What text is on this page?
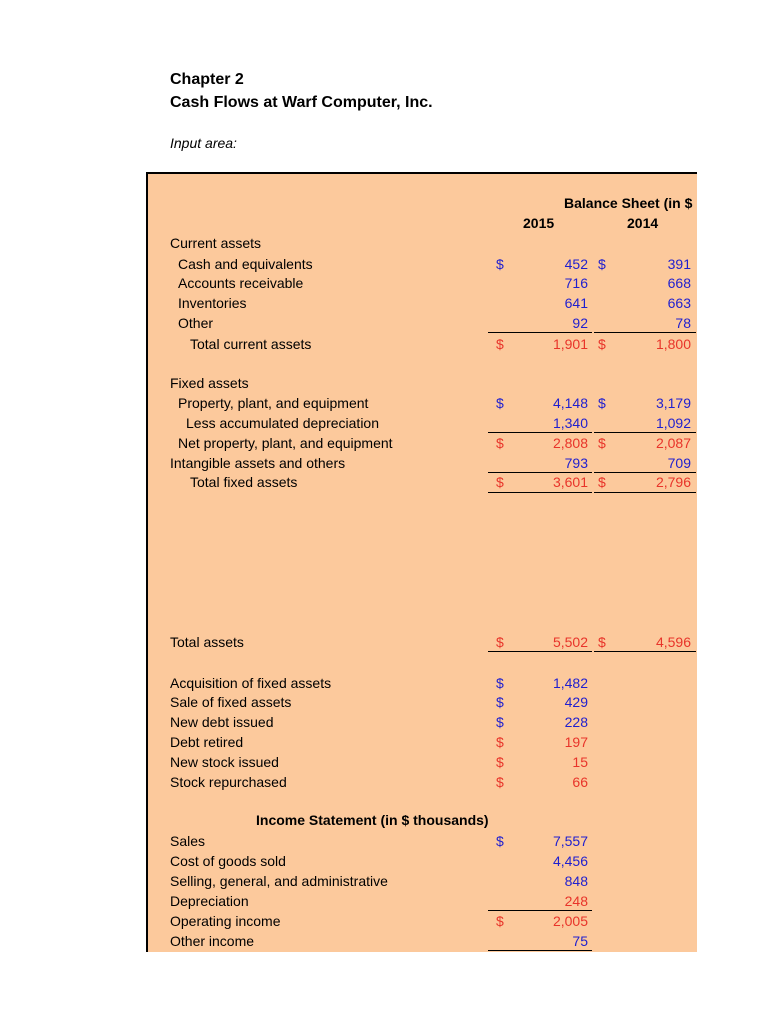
Chapter 2
Cash Flows at Warf Computer, Inc.
Input area:
Balance Sheet (in $
2015	2014
Current assets
Cash and equivalents	$	452 $	391
Accounts receivable	716	668
Inventories	641	663
Other	92	78
Total current assets	$	1,901 $	1,800
Fixed assets
Property, plant, and equipment	$	4,148 $	3,179
Less accumulated depreciation	1,340	1,092
Net property, plant, and equipment	$	2,808 $	2,087
Intangible assets and others	793	709
Total fixed assets	$	3,601 $	2,796
Total assets	$	5,502 $	4,596
Acquisition of fixed assets	$	1,482
Sale of fixed assets	$	429
New debt issued	$	228
Debt retired	$	197
New stock issued	$	15
Stock repurchased	$	66
Income Statement (in $ thousands)
Sales	$	7,557
Cost of goods sold	4,456
Selling, general, and administrative	848
Depreciation	248
Operating income	$	2,005
Other income	75
